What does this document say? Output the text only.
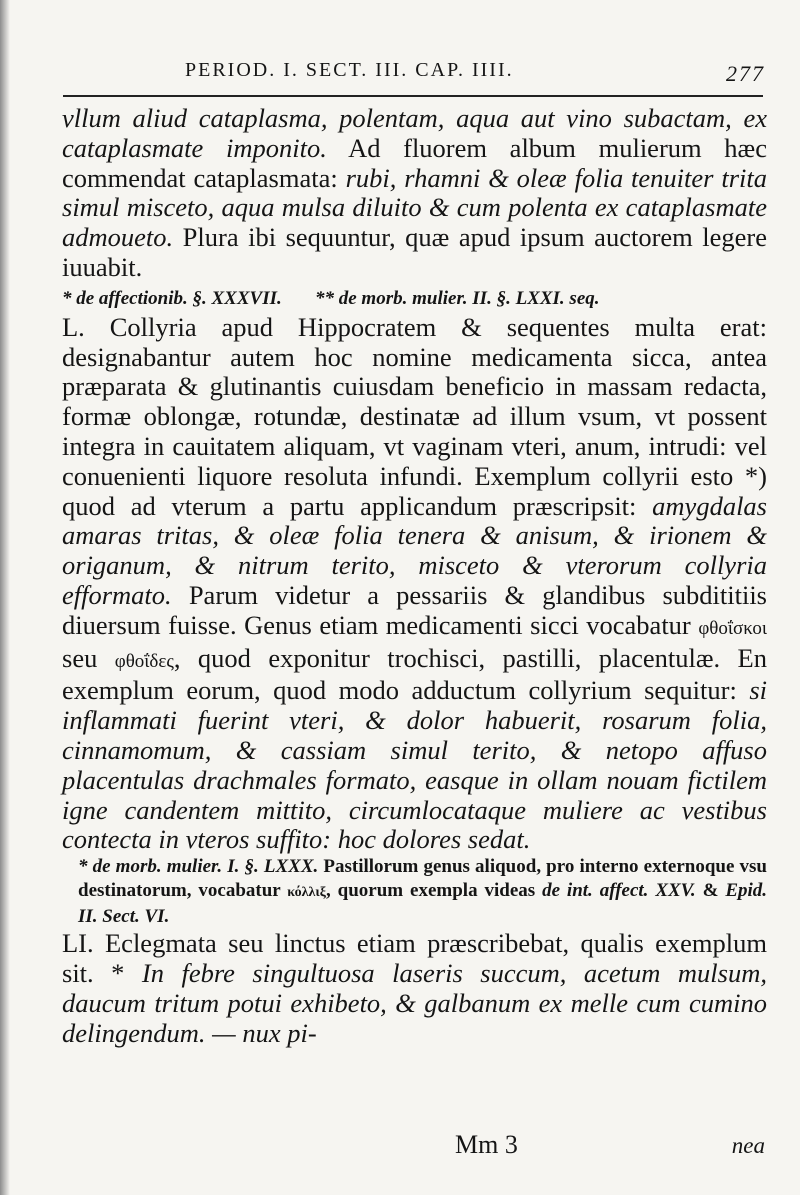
PERIOD. I. SECT. III. CAP. IIII.	277

vllum aliud cataplasma, polentam, aqua aut vino subactam, ex cataplasmate imponito. Ad fluorem album mulierum hæc commendat cataplasmata: rubi, rhamni & oleæ folia tenuiter trita simul misceto, aqua mulsa diluito & cum polenta ex cataplasmate admoueto. Plura ibi sequuntur, quæ apud ipsum auctorem legere iuuabit.

* de affectionib. §. XXXVII. ** de morb. mulier. II. §. LXXI. seq.

L. Collyria apud Hippocratem & sequentes multa erat: designabantur autem hoc nomine medicamenta sicca, antea præparata & glutinantis cuiusdam beneficio in massam redacta, formæ oblongæ, rotundæ, destinatæ ad illum vsum, vt possent integra in cauitatem aliquam, vt vaginam vteri, anum, intrudi: vel conuenienti liquore resoluta infundi. Exemplum collyrii esto *) quod ad vterum a partu applicandum præscripsit: amygdalas amaras tritas, & oleæ folia tenera & anisum, & irionem & origanum, & nitrum terito, misceto & vterorum collyria efformato. Parum videtur a pessariis & glandibus subdititiis diuersum fuisse. Genus etiam medicamenti sicci vocabatur φθοΐσκοι seu φθοΐδες, quod exponitur trochisci, pastilli, placentulæ. En exemplum eorum, quod modo adductum collyrium sequitur: si inflammati fuerint vteri, & dolor habuerit, rosarum folia, cinnamomum, & cassiam simul terito, & netopo affuso placentulas drachmales formato, easque in ollam nouam fictilem igne candentem mittito, circumlocataque muliere ac vestibus contecta in vteros suffito: hoc dolores sedat.

* de morb. mulier. I. §. LXXX. Pastillorum genus aliquod, pro interno externoque vsu destinatorum, vocabatur κόλλιξ, quorum exempla videas de int. affect. XXV. & Epid. II. Sect. VI.

LI. Eclegmata seu linctus etiam præscribebat, qualis exemplum sit. * In febre singultuosa laseris succum, acetum mulsum, daucum tritum potui exhibeto, & galbanum ex melle cum cumino delingendum. — nux pi-

Mm 3	nea
